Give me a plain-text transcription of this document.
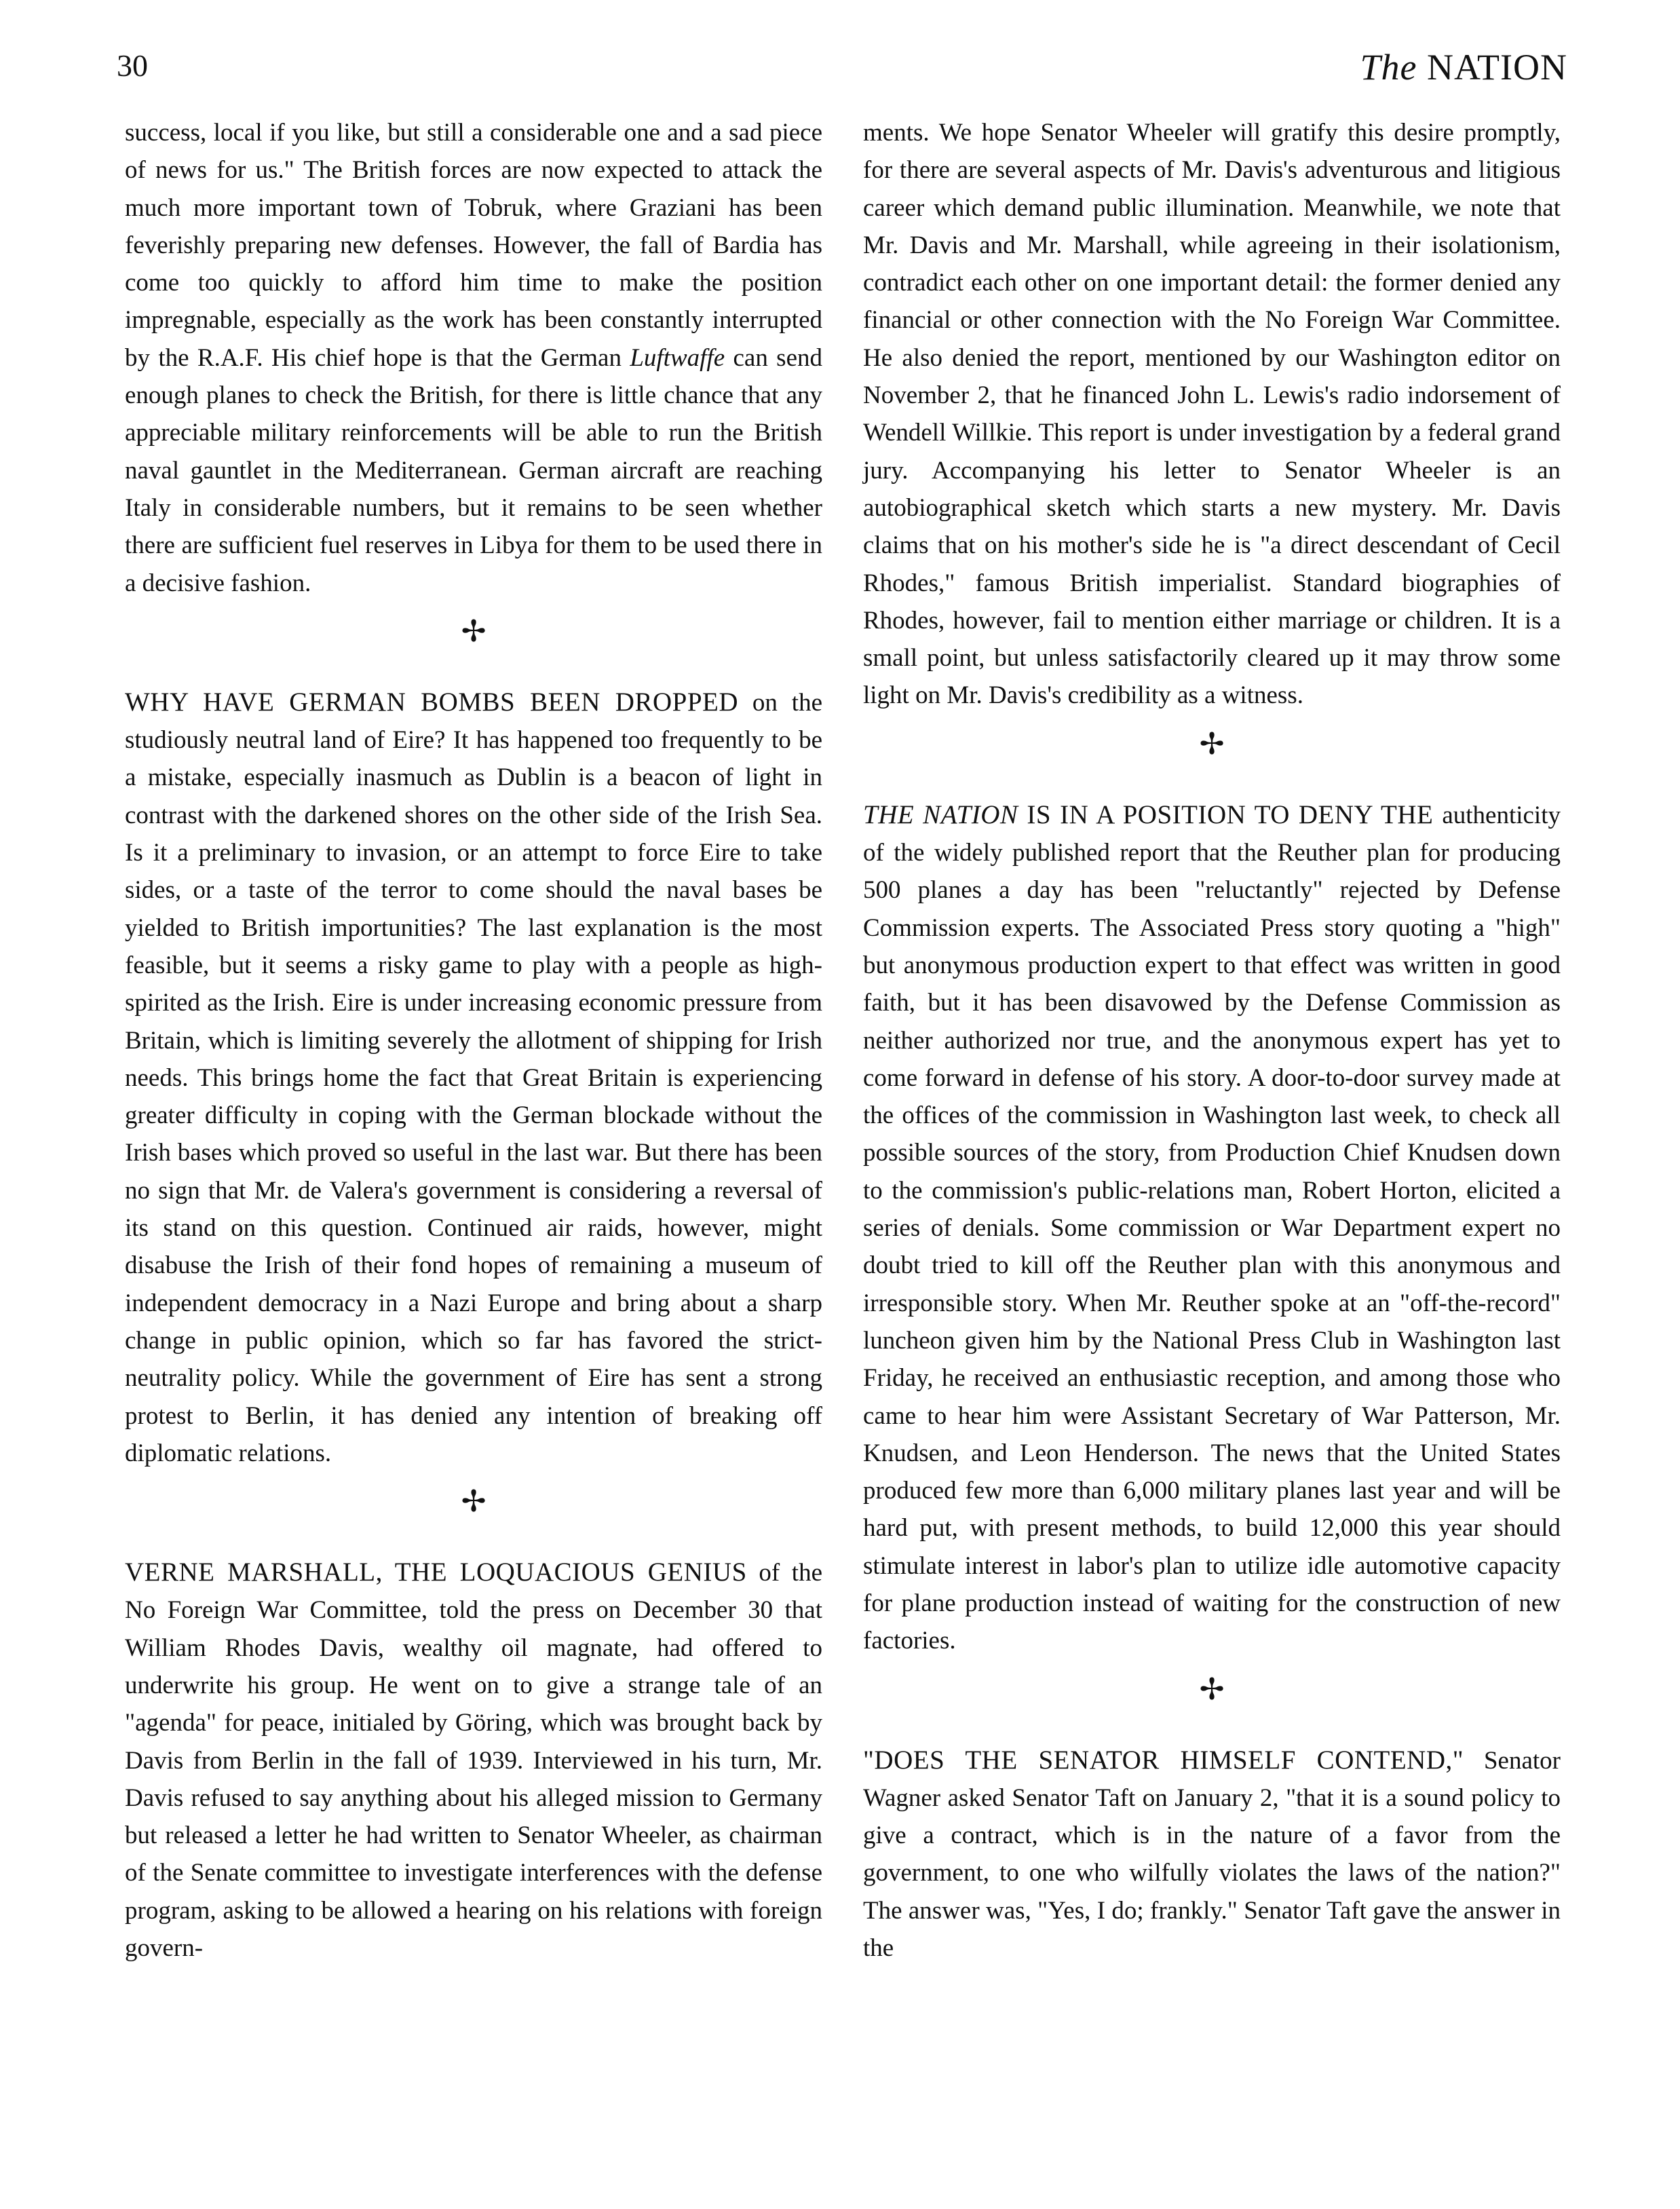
30	The NATION

success, local if you like, but still a considerable one and a sad piece of news for us." The British forces are now expected to attack the much more important town of Tobruk, where Graziani has been feverishly preparing new defenses. However, the fall of Bardia has come too quickly to afford him time to make the position impregnable, especially as the work has been constantly interrupted by the R.A.F. His chief hope is that the German Luftwaffe can send enough planes to check the British, for there is little chance that any appreciable military reinforcements will be able to run the British naval gauntlet in the Mediterranean. German aircraft are reaching Italy in considerable numbers, but it remains to be seen whether there are sufficient fuel reserves in Libya for them to be used there in a decisive fashion.

✢

WHY HAVE GERMAN BOMBS BEEN DROPPED on the studiously neutral land of Eire? It has happened too frequently to be a mistake, especially inasmuch as Dublin is a beacon of light in contrast with the darkened shores on the other side of the Irish Sea. Is it a preliminary to invasion, or an attempt to force Eire to take sides, or a taste of the terror to come should the naval bases be yielded to British importunities? The last explanation is the most feasible, but it seems a risky game to play with a people as high-spirited as the Irish. Eire is under increasing economic pressure from Britain, which is limiting severely the allotment of shipping for Irish needs. This brings home the fact that Great Britain is experiencing greater difficulty in coping with the German blockade without the Irish bases which proved so useful in the last war. But there has been no sign that Mr. de Valera's government is considering a reversal of its stand on this question. Continued air raids, however, might disabuse the Irish of their fond hopes of remaining a museum of independent democracy in a Nazi Europe and bring about a sharp change in public opinion, which so far has favored the strict-neutrality policy. While the government of Eire has sent a strong protest to Berlin, it has denied any intention of breaking off diplomatic relations.

✢

VERNE MARSHALL, THE LOQUACIOUS GENIUS of the No Foreign War Committee, told the press on December 30 that William Rhodes Davis, wealthy oil magnate, had offered to underwrite his group. He went on to give a strange tale of an "agenda" for peace, initialed by Göring, which was brought back by Davis from Berlin in the fall of 1939. Interviewed in his turn, Mr. Davis refused to say anything about his alleged mission to Germany but released a letter he had written to Senator Wheeler, as chairman of the Senate committee to investigate interferences with the defense program, asking to be allowed a hearing on his relations with foreign govern-

ments. We hope Senator Wheeler will gratify this desire promptly, for there are several aspects of Mr. Davis's adventurous and litigious career which demand public illumination. Meanwhile, we note that Mr. Davis and Mr. Marshall, while agreeing in their isolationism, contradict each other on one important detail: the former denied any financial or other connection with the No Foreign War Committee. He also denied the report, mentioned by our Washington editor on November 2, that he financed John L. Lewis's radio indorsement of Wendell Willkie. This report is under investigation by a federal grand jury. Accompanying his letter to Senator Wheeler is an autobiographical sketch which starts a new mystery. Mr. Davis claims that on his mother's side he is "a direct descendant of Cecil Rhodes," famous British imperialist. Standard biographies of Rhodes, however, fail to mention either marriage or children. It is a small point, but unless satisfactorily cleared up it may throw some light on Mr. Davis's credibility as a witness.

✢

THE NATION IS IN A POSITION TO DENY THE authenticity of the widely published report that the Reuther plan for producing 500 planes a day has been "reluctantly" rejected by Defense Commission experts. The Associated Press story quoting a "high" but anonymous production expert to that effect was written in good faith, but it has been disavowed by the Defense Commission as neither authorized nor true, and the anonymous expert has yet to come forward in defense of his story. A door-to-door survey made at the offices of the commission in Washington last week, to check all possible sources of the story, from Production Chief Knudsen down to the commission's public-relations man, Robert Horton, elicited a series of denials. Some commission or War Department expert no doubt tried to kill off the Reuther plan with this anonymous and irresponsible story. When Mr. Reuther spoke at an "off-the-record" luncheon given him by the National Press Club in Washington last Friday, he received an enthusiastic reception, and among those who came to hear him were Assistant Secretary of War Patterson, Mr. Knudsen, and Leon Henderson. The news that the United States produced few more than 6,000 military planes last year and will be hard put, with present methods, to build 12,000 this year should stimulate interest in labor's plan to utilize idle automotive capacity for plane production instead of waiting for the construction of new factories.

✢

"DOES THE SENATOR HIMSELF CONTEND," Senator Wagner asked Senator Taft on January 2, "that it is a sound policy to give a contract, which is in the nature of a favor from the government, to one who wilfully violates the laws of the nation?" The answer was, "Yes, I do; frankly." Senator Taft gave the answer in the
